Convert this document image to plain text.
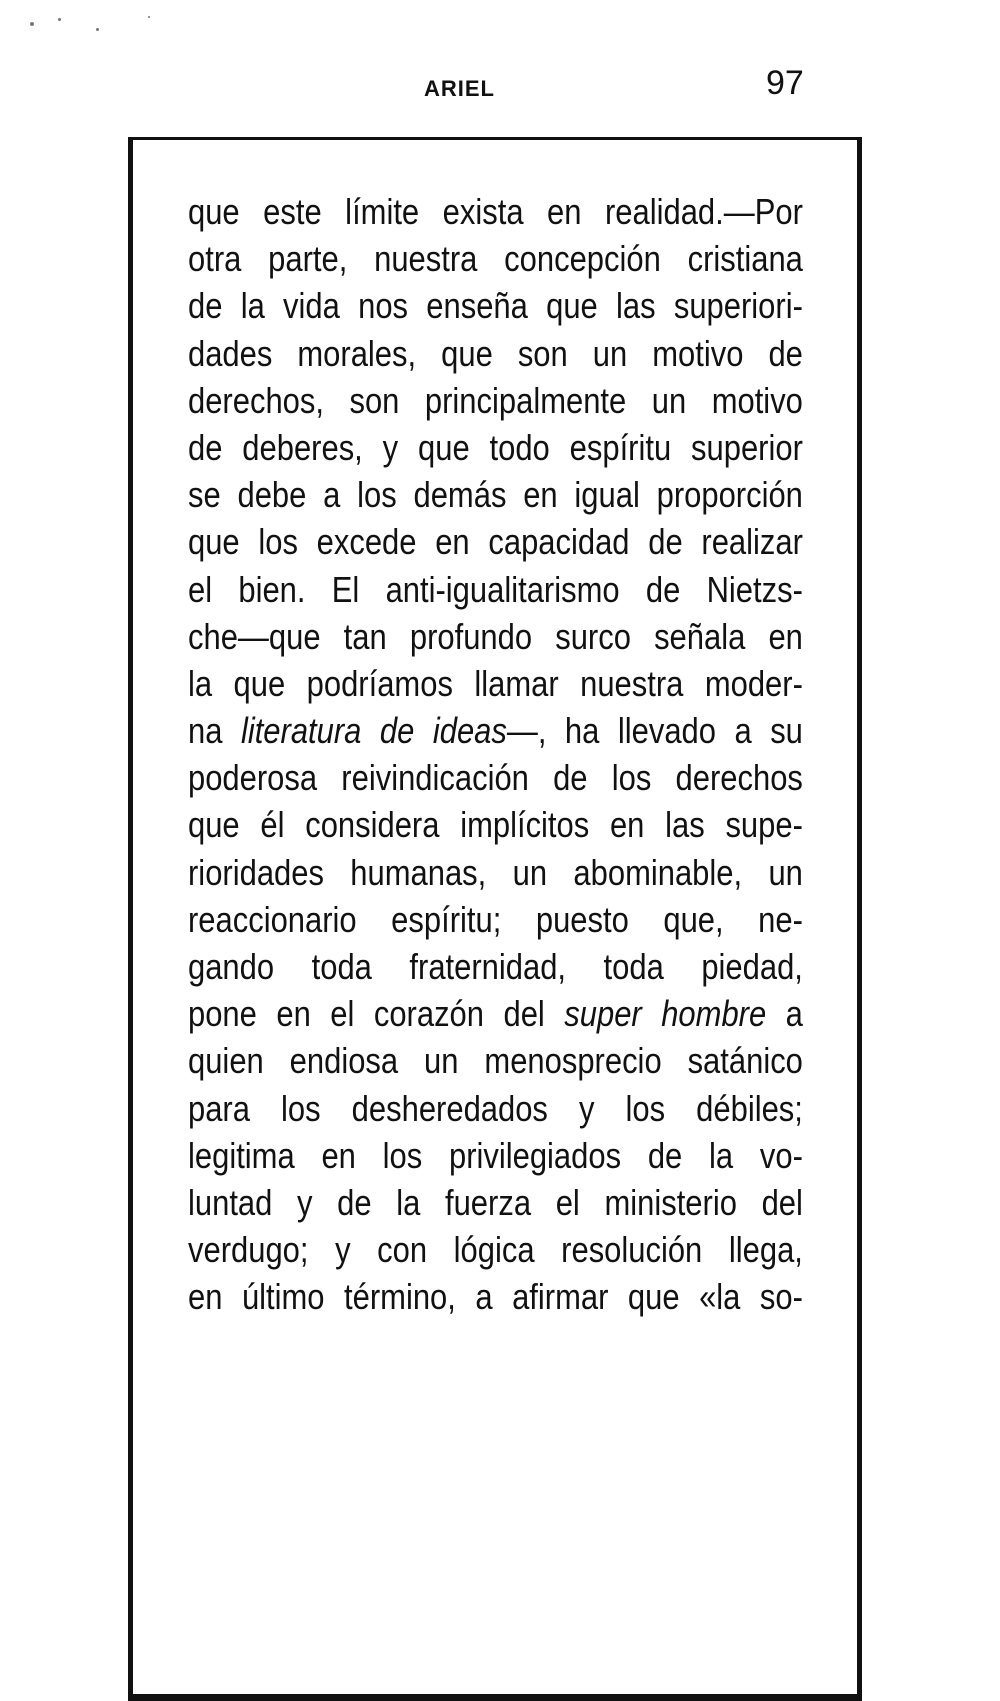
ARIEL	97
que este límite exista en realidad.—Por
otra parte, nuestra concepción cristiana
de la vida nos enseña que las superiori-
dades morales, que son un motivo de
derechos, son principalmente un motivo
de deberes, y que todo espíritu superior
se debe a los demás en igual proporción
que los excede en capacidad de realizar
el bien. El anti-igualitarismo de Nietzs-
che—que tan profundo surco señala en
la que podríamos llamar nuestra moder-
na literatura de ideas—, ha llevado a su
poderosa reivindicación de los derechos
que él considera implícitos en las supe-
rioridades humanas, un abominable, un
reaccionario espíritu; puesto que, ne-
gando toda fraternidad, toda piedad,
pone en el corazón del super hombre a
quien endiosa un menosprecio satánico
para los desheredados y los débiles;
legitima en los privilegiados de la vo-
luntad y de la fuerza el ministerio del
verdugo; y con lógica resolución llega,
en último término, a afirmar que «la so-
